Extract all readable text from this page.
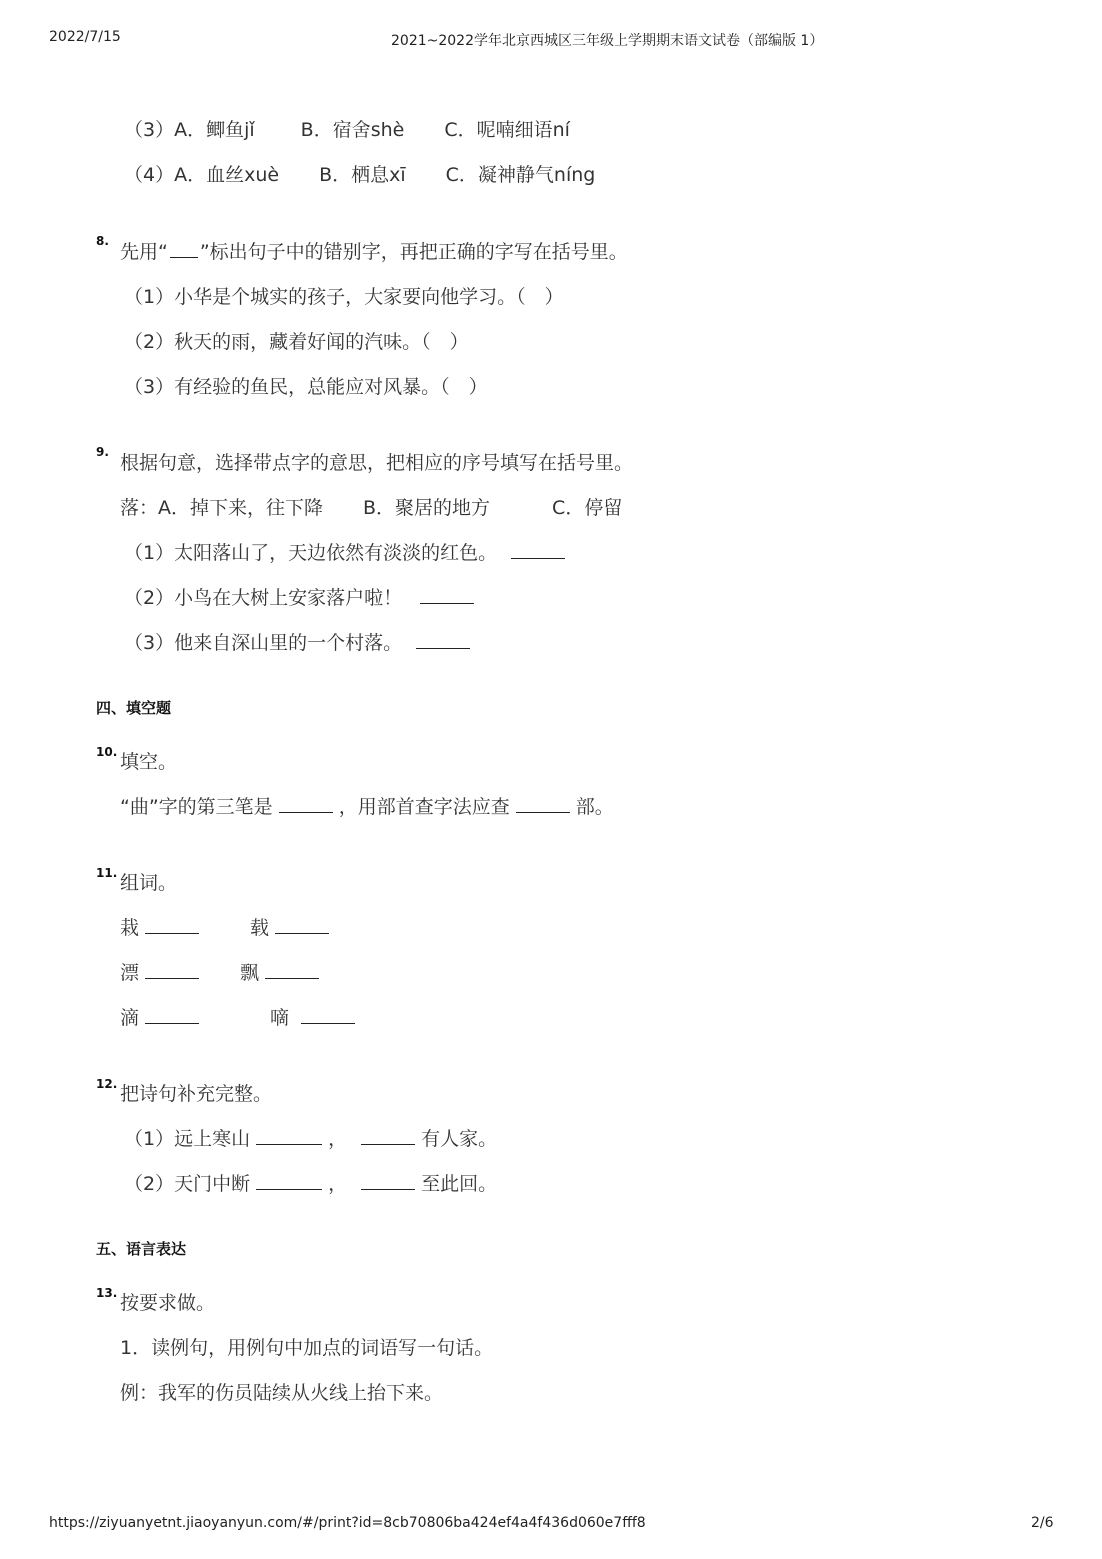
2022/7/15	2021~2022学年北京西城区三年级上学期期末语文试卷（部编版 1）
（3）A．鲫鱼jǐ B．宿舍shè C．呢喃细语ní
（4）A．血丝xuè B．栖息xī C．凝神静气níng
8. 先用“ ”标出句子中的错别字，再把正确的字写在括号里。
（1）小华是个城实的孩子，大家要向他学习。（　）
（2）秋天的雨，藏着好闻的汽味。（　）
（3）有经验的鱼民，总能应对风暴。（　）
9. 根据句意，选择带点字的意思，把相应的序号填写在括号里。
落：A．掉下来，往下降 B．聚居的地方	C．停留
（1）太阳落山了，天边依然有淡淡的红色。
（2）小鸟在大树上安家落户啦！
（3）他来自深山里的一个村落。
四、填空题
10. 填空。
“曲”字的第三笔是	，用部首查字法应查	部。
11. 组词。
栽	载
漂	飘
滴	嘀
12. 把诗句补充完整。
（1）远上寒山	，	有人家。
（2）天门中断	，	至此回。
五、语言表达
13. 按要求做。
1．读例句，用例句中加点的词语写一句话。
例：我军的伤员陆续从火线上抬下来。
https://ziyuanyetnt.jiaoyanyun.com/#/print?id=8cb70806ba424ef4a4f436d060e7fff8	2/6
